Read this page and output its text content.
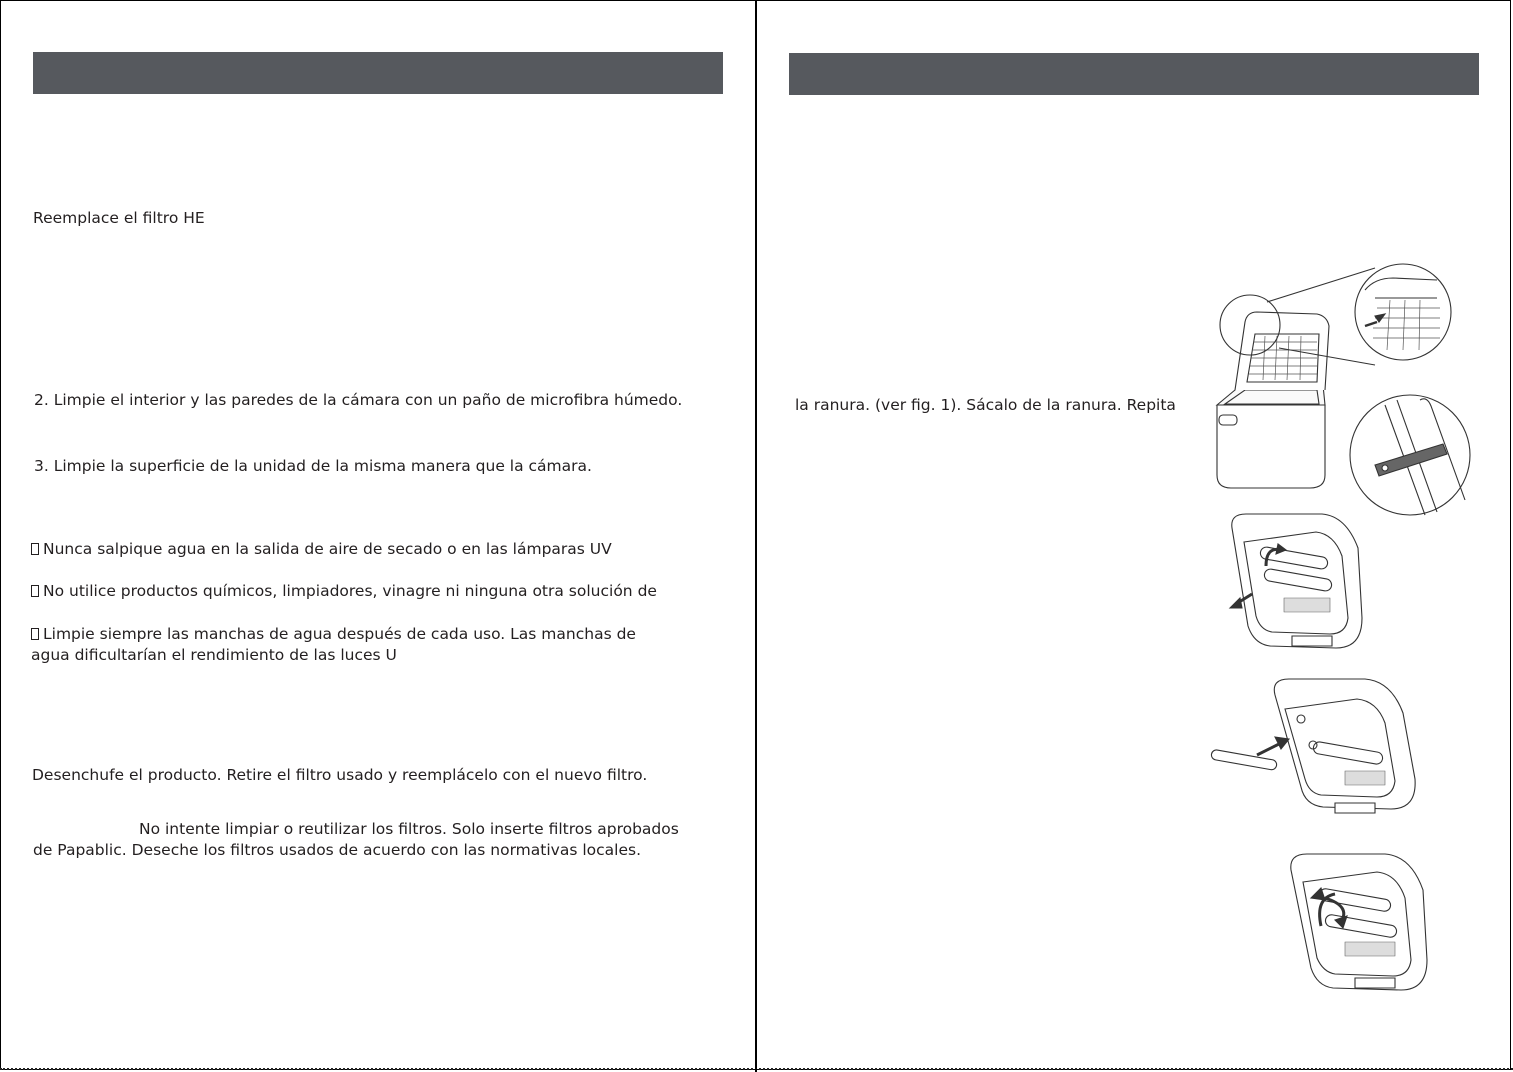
Reemplace el filtro HE
2. Limpie el interior y las paredes de la cámara con un paño de microfibra húmedo.
3. Limpie la superficie de la unidad de la misma manera que la cámara.
Nunca salpique agua en la salida de aire de secado o en las lámparas UV
No utilice productos químicos, limpiadores, vinagre ni ninguna otra solución de
Limpie siempre las manchas de agua después de cada uso. Las manchas de
agua dificultarían el rendimiento de las luces U
Desenchufe el producto. Retire el filtro usado y reemplácelo con el nuevo filtro.
No intente limpiar o reutilizar los filtros. Solo inserte filtros aprobados
de Papablic. Deseche los filtros usados de acuerdo con las normativas locales.
la ranura. (ver fig. 1). Sácalo de la ranura. Repita
